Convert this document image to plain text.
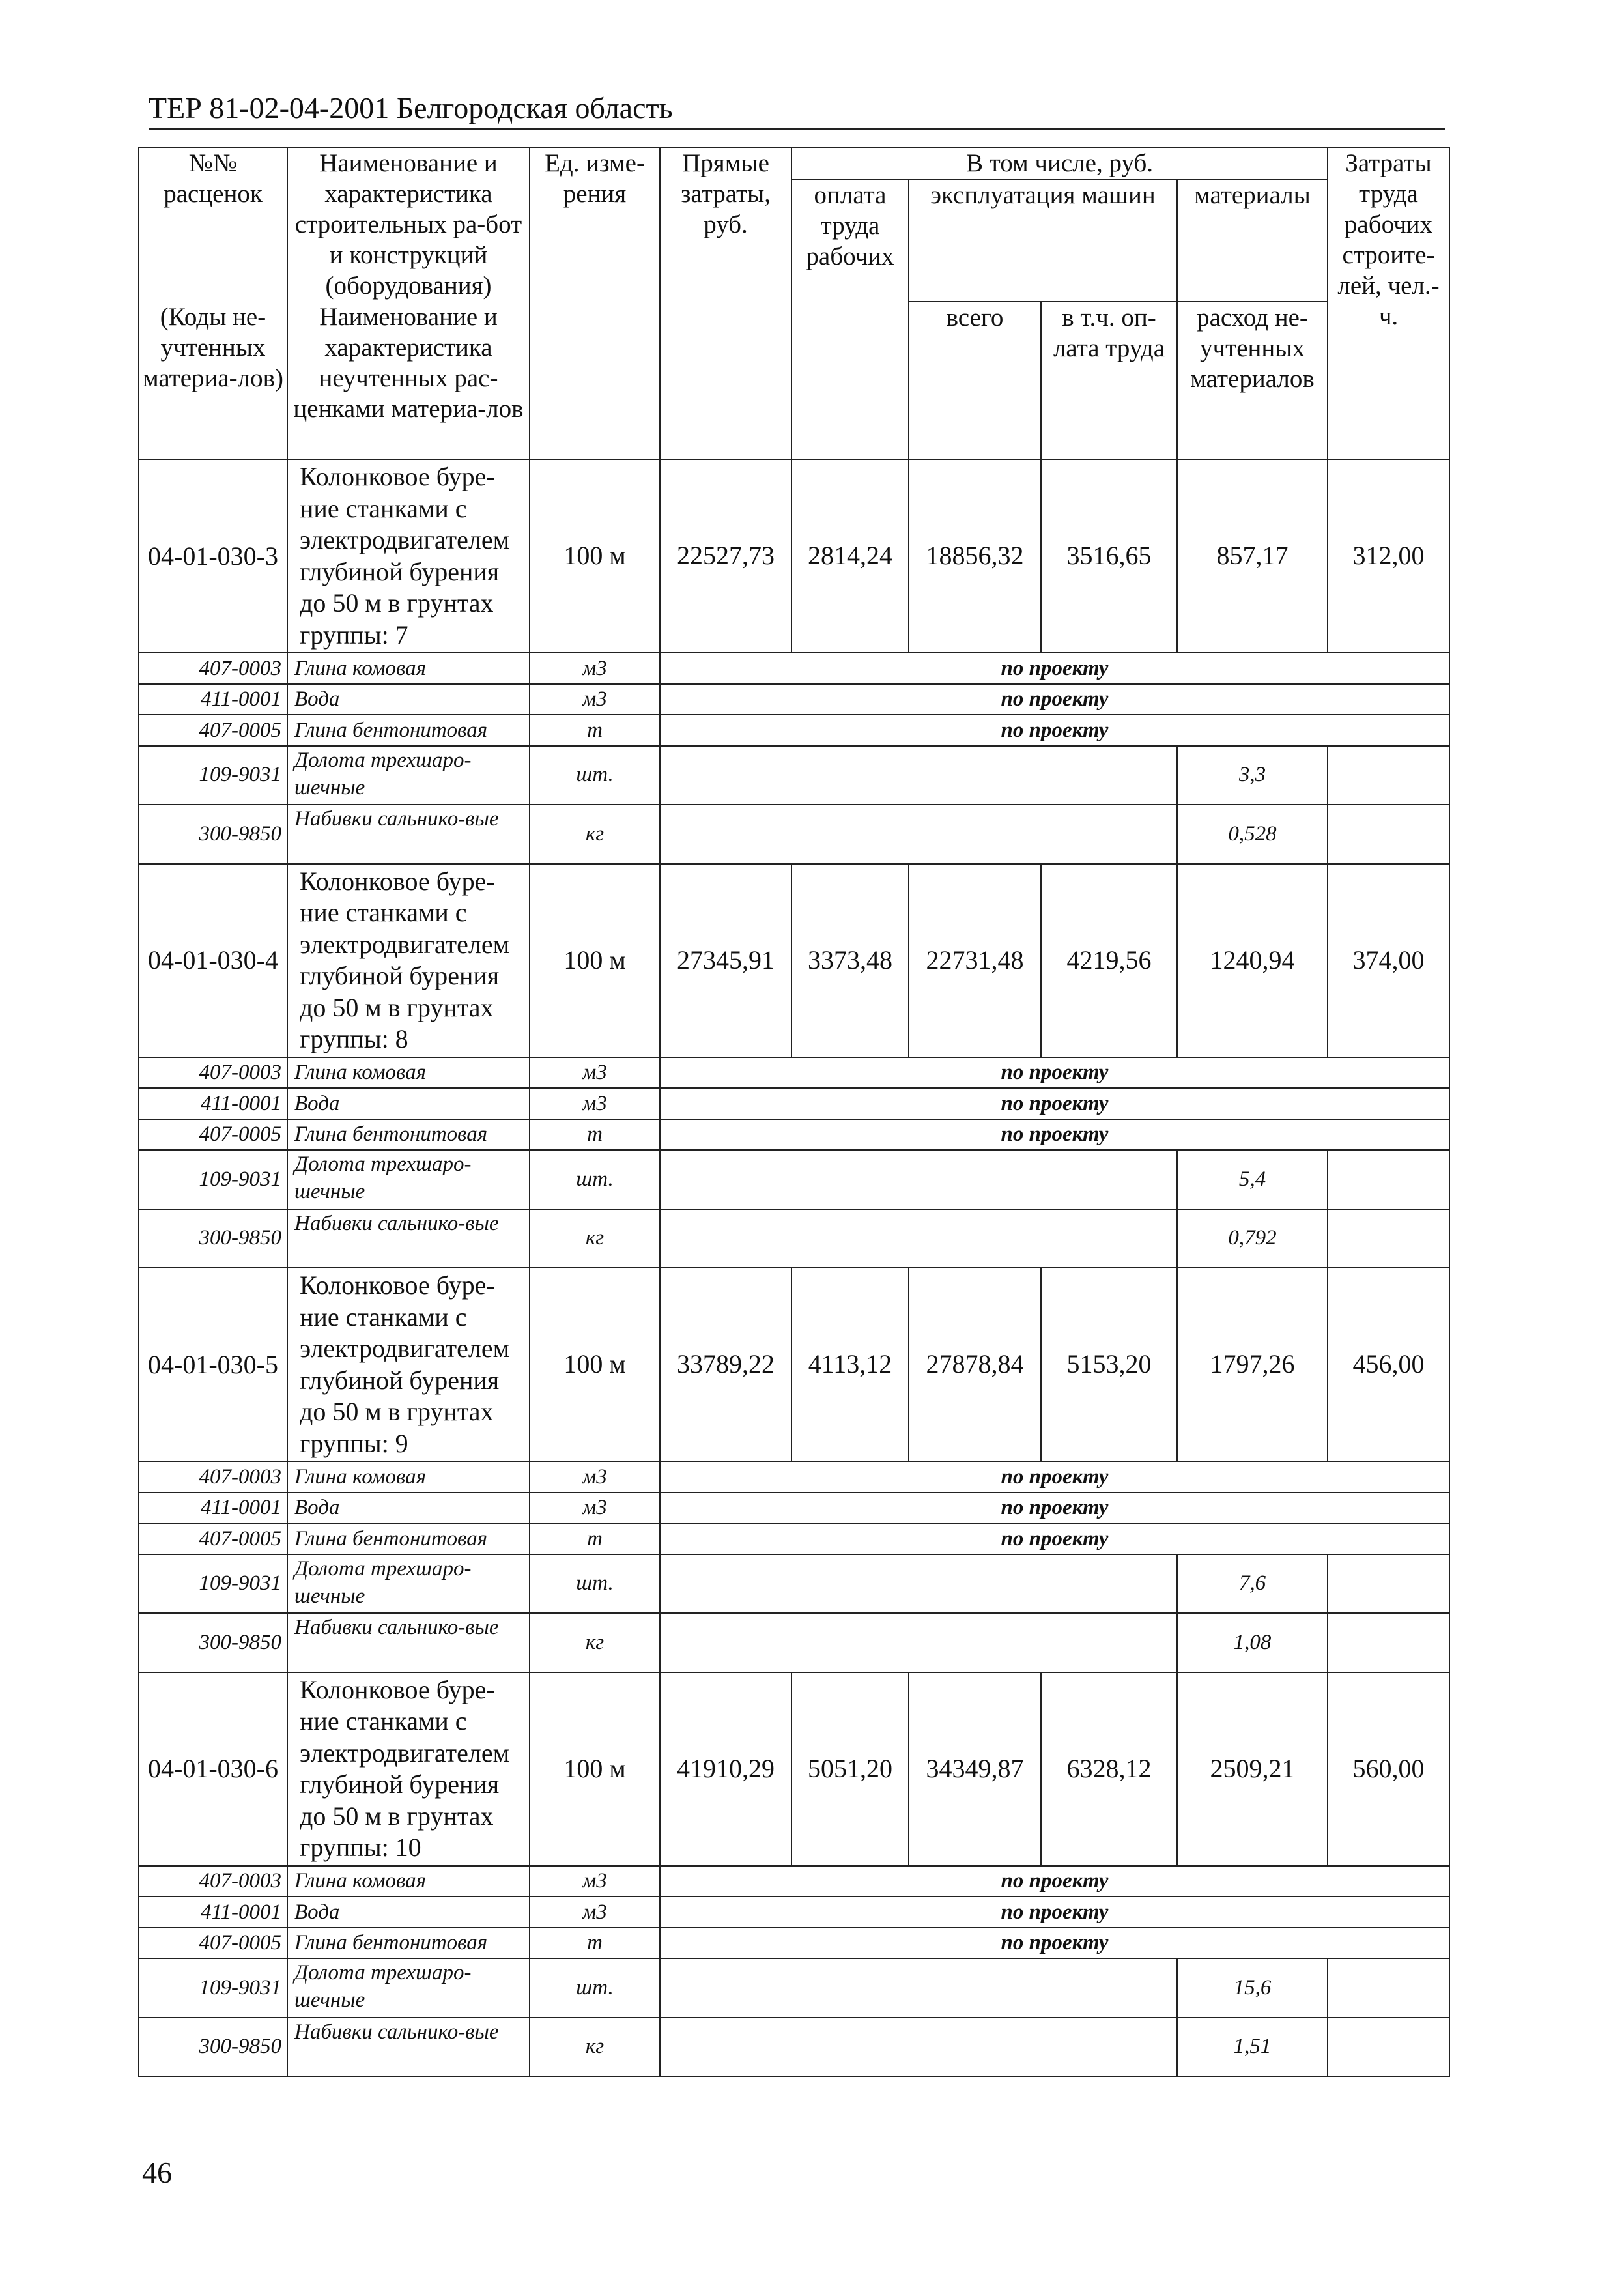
ТЕР 81-02-04-2001 Белгородская область
№№ расценок	Наименование и характеристика строительных ра-бот и конструкций (оборудования)	Ед. изме-рения	Прямые затраты, руб.	В том числе, руб.				Затраты труда рабочих строите-лей, чел.-ч.
				оплата труда рабочих	эксплуатация машин		материалы	
(Коды не-учтенных материа-лов)	Наименование и характеристика неучтенных рас-ценками материа-лов				всего	в т.ч. оп-лата труда	расход не-учтенных материалов	

04-01-030-3	Колонковое буре-ние станками с электродвигателем глубиной бурения до 50 м в грунтах группы: 7	100 м	22527,73	2814,24	18856,32	3516,65	857,17	312,00
407-0003	Глина комовая	м3	по проекту					
411-0001	Вода	м3	по проекту					
407-0005	Глина бентонитовая	т	по проекту					
109-9031	Долота трехшаро-шечные	шт.					3,3	
300-9850	Набивки сальнико-вые	кг					0,528	
04-01-030-4	Колонковое буре-ние станками с электродвигателем глубиной бурения до 50 м в грунтах группы: 8	100 м	27345,91	3373,48	22731,48	4219,56	1240,94	374,00
407-0003	Глина комовая	м3	по проекту					
411-0001	Вода	м3	по проекту					
407-0005	Глина бентонитовая	т	по проекту					
109-9031	Долота трехшаро-шечные	шт.					5,4	
300-9850	Набивки сальнико-вые	кг					0,792	
04-01-030-5	Колонковое буре-ние станками с электродвигателем глубиной бурения до 50 м в грунтах группы: 9	100 м	33789,22	4113,12	27878,84	5153,20	1797,26	456,00
407-0003	Глина комовая	м3	по проекту					
411-0001	Вода	м3	по проекту					
407-0005	Глина бентонитовая	т	по проекту					
109-9031	Долота трехшаро-шечные	шт.					7,6	
300-9850	Набивки сальнико-вые	кг					1,08	
04-01-030-6	Колонковое буре-ние станками с электродвигателем глубиной бурения до 50 м в грунтах группы: 10	100 м	41910,29	5051,20	34349,87	6328,12	2509,21	560,00
407-0003	Глина комовая	м3	по проекту					
411-0001	Вода	м3	по проекту					
407-0005	Глина бентонитовая	т	по проекту					
109-9031	Долота трехшаро-шечные	шт.					15,6	
300-9850	Набивки сальнико-вые	кг					1,51	
46
